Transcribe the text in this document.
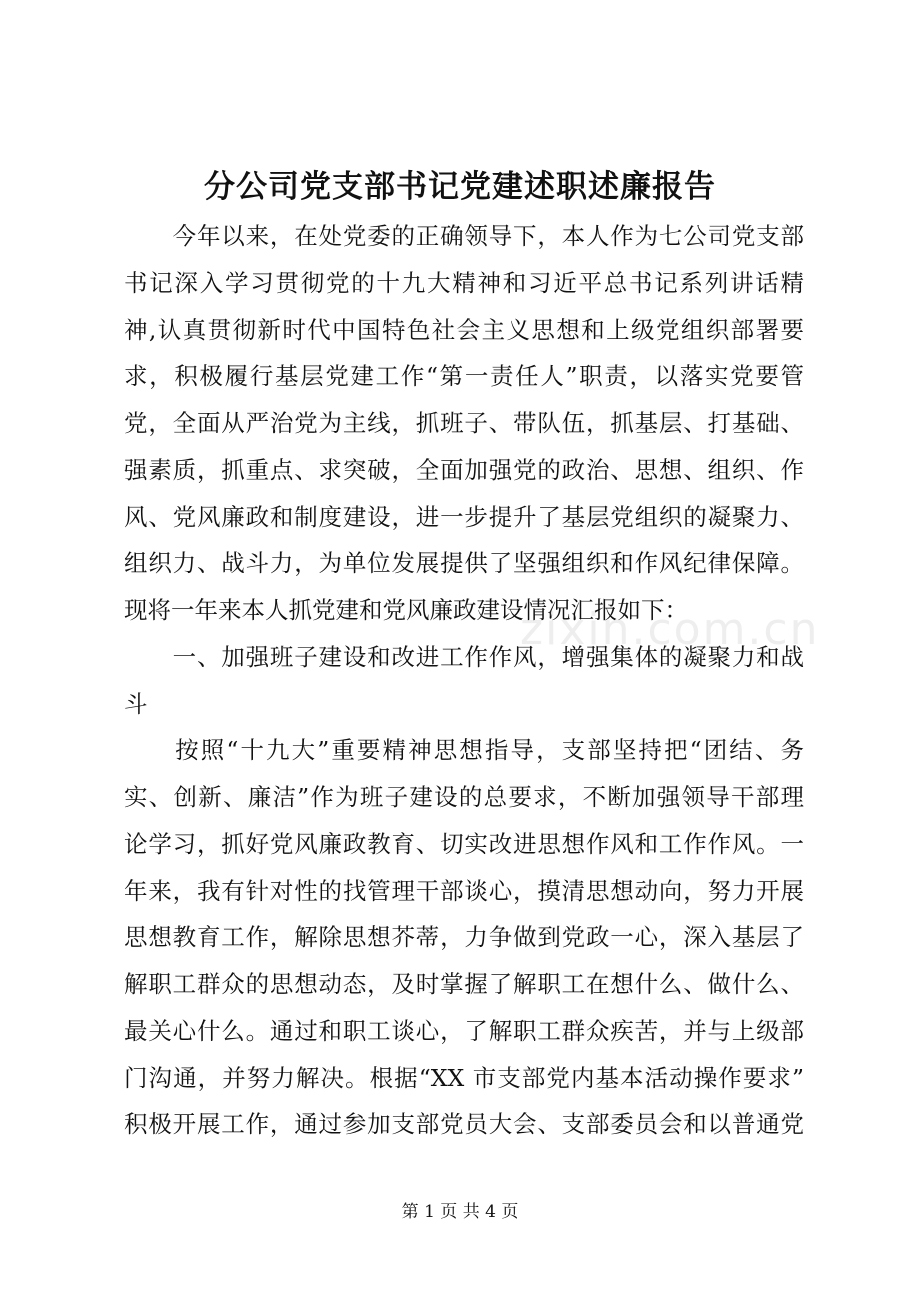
分公司党支部书记党建述职述廉报告
　　今年以来，在处党委的正确领导下，本人作为七公司党支部
书记深入学习贯彻党的十九大精神和习近平总书记系列讲话精
神,认真贯彻新时代中国特色社会主义思想和上级党组织部署要
求，积极履行基层党建工作“第一责任人”职责，以落实党要管
党，全面从严治党为主线，抓班子、带队伍，抓基层、打基础、
强素质，抓重点、求突破，全面加强党的政治、思想、组织、作
风、党风廉政和制度建设，进一步提升了基层党组织的凝聚力、
组织力、战斗力，为单位发展提供了坚强组织和作风纪律保障。
现将一年来本人抓党建和党风廉政建设情况汇报如下：
　　一、加强班子建设和改进工作作风，增强集体的凝聚力和战
斗
　　按照“十九大”重要精神思想指导，支部坚持把“团结、务
实、创新、廉洁”作为班子建设的总要求，不断加强领导干部理
论学习，抓好党风廉政教育、切实改进思想作风和工作作风。一
年来，我有针对性的找管理干部谈心，摸清思想动向，努力开展
思想教育工作，解除思想芥蒂，力争做到党政一心，深入基层了
解职工群众的思想动态，及时掌握了解职工在想什么、做什么、
最关心什么。通过和职工谈心，了解职工群众疾苦，并与上级部
门沟通，并努力解决。根据“XX 市支部党内基本活动操作要求”
积极开展工作，通过参加支部党员大会、支部委员会和以普通党
zixin.com.cn
第 1 页 共 4 页
